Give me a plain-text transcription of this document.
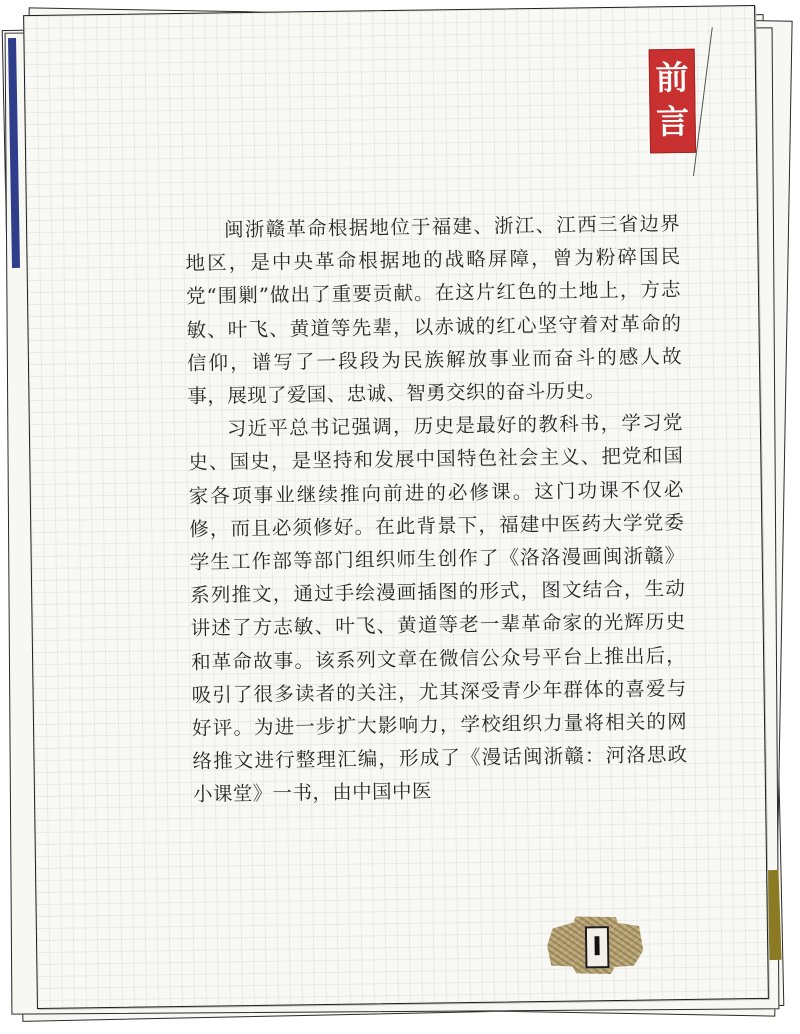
前
言

闽浙赣革命根据地位于福建、浙江、江西三省边界地区，是中央革命根据地的战略屏障，曾为粉碎国民党“围剿”做出了重要贡献。在这片红色的土地上，方志敏、叶飞、黄道等先辈，以赤诚的红心坚守着对革命的信仰，谱写了一段段为民族解放事业而奋斗的感人故事，展现了爱国、忠诚、智勇交织的奋斗历史。

习近平总书记强调，历史是最好的教科书，学习党史、国史，是坚持和发展中国特色社会主义、把党和国家各项事业继续推向前进的必修课。这门功课不仅必修，而且必须修好。在此背景下，福建中医药大学党委学生工作部等部门组织师生创作了《洛洛漫画闽浙赣》系列推文，通过手绘漫画插图的形式，图文结合，生动讲述了方志敏、叶飞、黄道等老一辈革命家的光辉历史和革命故事。该系列文章在微信公众号平台上推出后，吸引了很多读者的关注，尤其深受青少年群体的喜爱与好评。为进一步扩大影响力，学校组织力量将相关的网络推文进行整理汇编，形成了《漫话闽浙赣：河洛思政小课堂》一书，由中国中医

I
